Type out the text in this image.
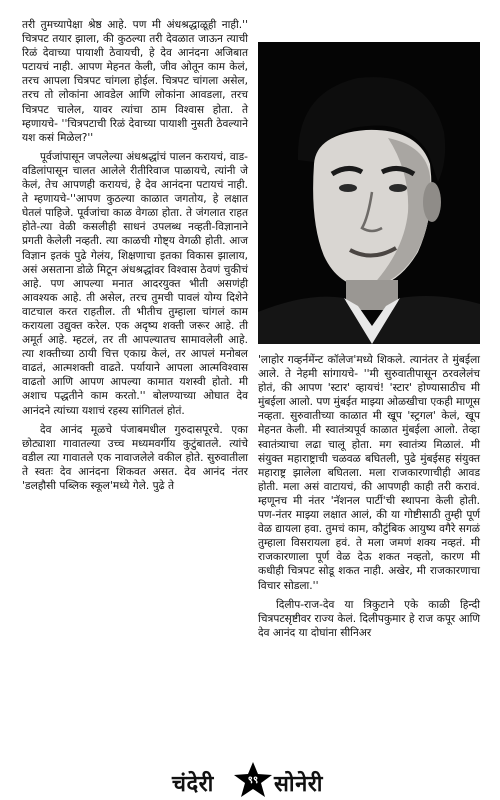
तरी तुमच्यापेक्षा श्रेष्ठ आहे. पण मी अंधश्रद्धाळूही नाही.'' चित्रपट तयार झाला, की कुठल्या तरी देवळात जाऊन त्याची रिळं देवाच्या पायाशी ठेवायची, हे देव आनंदना अजिबात पटायचं नाही. आपण मेहनत केली, जीव ओतून काम केलं, तरच आपला चित्रपट चांगला होईल. चित्रपट चांगला असेल, तरच तो लोकांना आवडेल आणि लोकांना आवडला, तरच चित्रपट चालेल, यावर त्यांचा ठाम विश्वास होता. ते म्हणायचे- ''चित्रपटाची रिळं देवाच्या पायाशी नुसती ठेवल्याने यश कसं मिळेल?''

पूर्वजांपासून जपलेल्या अंधश्रद्धांचं पालन करायचं, वाड-वडिलांपासून चालत आलेले रीतीरिवाज पाळायचे, त्यांनी जे केलं, तेच आपणही करायचं, हे देव आनंदना पटायचं नाही. ते म्हणायचे-''आपण कुठल्या काळात जगतोय, हे लक्षात घेतलं पाहिजे. पूर्वजांचा काळ वेगळा होता. ते जंगलात राहत होते-त्या वेळी कसलीही साधनं उपलब्ध नव्हती-विज्ञानाने प्रगती केलेली नव्हती. त्या काळची गोष्ट्य वेगळी होती. आज विज्ञान इतकं पुढे गेलंय, शिक्षणाचा इतका विकास झालाय, असं असताना डोळे मिटून अंधश्रद्धांवर विश्वास ठेवणं चुकीचं आहे. पण आपल्या मनात आदरयुक्त भीती असणंही आवश्यक आहे. ती असेल, तरच तुमची पावलं योग्य दिशेने वाटचाल करत राहतील. ती भीतीच तुम्हाला चांगलं काम करायला उद्युक्त करेल. एक अदृष्य शक्ती जरूर आहे. ती अमूर्त आहे. म्हटलं, तर ती आपल्यातच सामावलेली आहे. त्या शक्तीच्या ठायी चित्त एकाग्र केलं, तर आपलं मनोबल वाढतं, आत्मशक्ती वाढते. पर्यायाने आपला आत्मविश्वास वाढतो आणि आपण आपल्या कामात यशस्वी होतो. मी अशाच पद्धतीने काम करतो.'' बोलण्याच्या ओघात देव आनंदने त्यांच्या यशाचं रहस्य सांगितलं होतं.

देव आनंद मूळचे पंजाबमधील गुरुदासपूरचे. एका छोट्याशा गावातल्या उच्च मध्यमवर्गीय कुटुंबातले. त्यांचे वडील त्या गावातले एक नावाजलेले वकील होते. सुरुवातीला ते स्वतः देव आनंदना शिकवत असत. देव आनंद नंतर 'डलहौसी पब्लिक स्कूल'मध्ये गेले. पुढे ते

'लाहोर गव्हर्नमेंन्ट कॉलेज'मध्ये शिकले. त्यानंतर ते मुंबईला आले. ते नेहमी सांगायचे- ''मी सुरुवातीपासून ठरवलेलंच होतं, की आपण 'स्टार' व्हायचं! 'स्टार' होण्यासाठीच मी मुंबईला आलो. पण मुंबईत माझ्या ओळखीचा एकही माणूस नव्हता. सुरुवातीच्या काळात मी खूप 'स्ट्रगल' केलं, खूप मेहनत केली. मी स्वातंत्र्यपूर्व काळात मुंबईला आलो. तेव्हा स्वातंत्र्याचा लढा चालू होता. मग स्वातंत्र्य मिळालं. मी संयुक्त महाराष्ट्राची चळवळ बघितली, पुढे मुंबईसह संयुक्त महाराष्ट्र झालेला बघितला. मला राजकारणाचीही आवड होती. मला असं वाटायचं, की आपणही काही तरी करावं. म्हणूनच मी नंतर 'नॅशनल पार्टी'ची स्थापना केली होती. पण-नंतर माझ्या लक्षात आलं, की या गोष्टीसाठी तुम्ही पूर्ण वेळ द्यायला हवा. तुमचं काम, कौटुंबिक आयुष्य वगैरे सगळं तुम्हाला विसरायला हवं. ते मला जमणं शक्य नव्हतं. मी राजकारणाला पूर्ण वेळ देऊ शकत नव्हतो, कारण मी कधीही चित्रपट सोडू शकत नाही. अखेर, मी राजकारणाचा विचार सोडला.''

दिलीप-राज-देव या त्रिकुटाने एके काळी हिन्दी चित्रपटसृष्टीवर राज्य केलं. दिलीपकुमार हे राज कपूर आणि देव आनंद या दोघांना सीनिअर

चंदेरी	९९ सोनेरी
